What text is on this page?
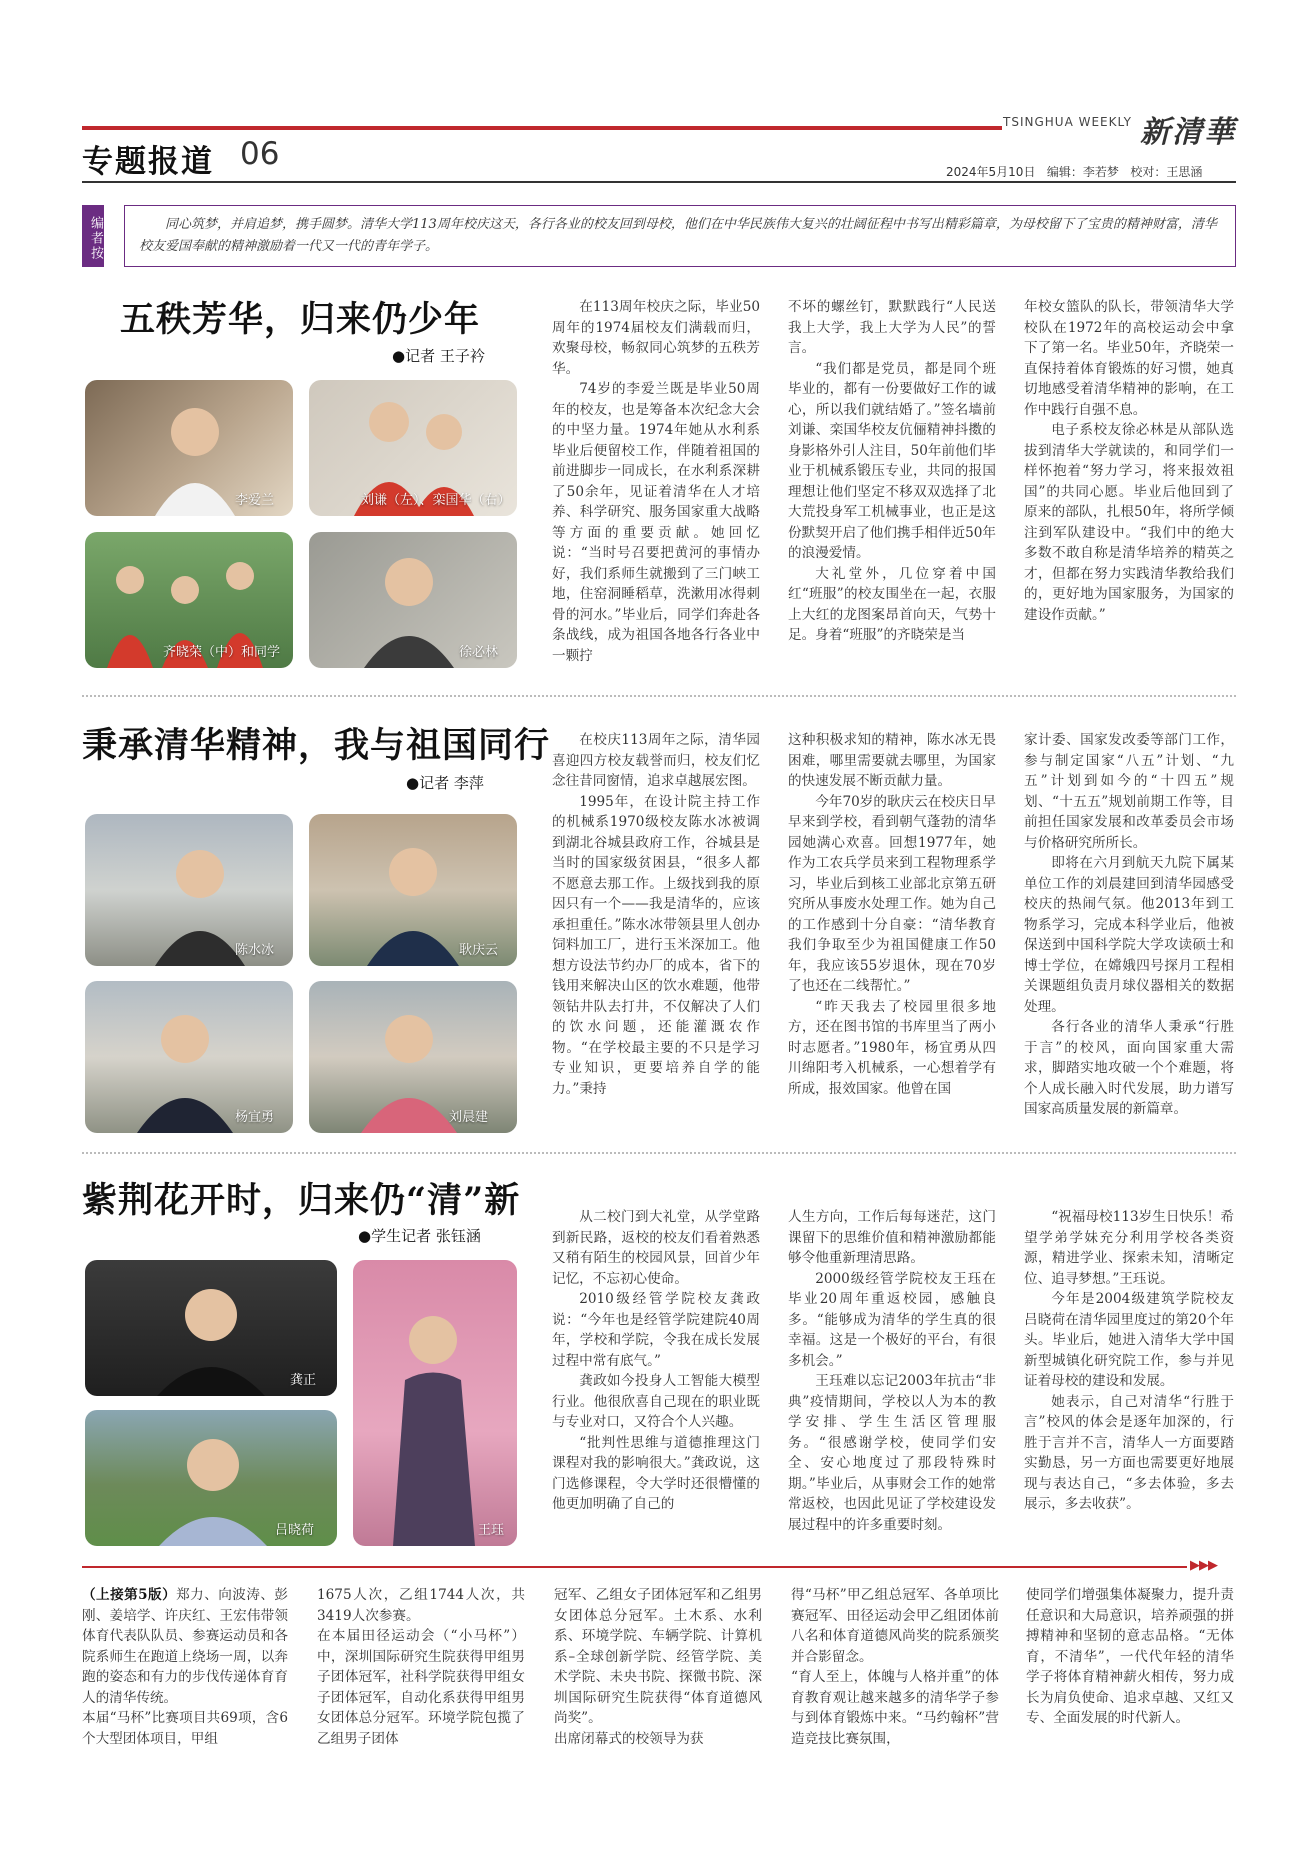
TSINGHUA WEEKLY 新清華
专题报道 06	2024年5月10日 编辑：李若梦 校对：王思涵
编者按	同心筑梦，并肩追梦，携手圆梦。清华大学113周年校庆这天，各行各业的校友回到母校，他们在中华民族伟大复兴的壮阔征程中书写出精彩篇章，为母校留下了宝贵的精神财富，清华校友爱国奉献的精神激励着一代又一代的青年学子。
五秩芳华，归来仍少年
●记者 王子衿
李爱兰	刘谦（左）、栾国华（右）
齐晓荣（中）和同学	徐必林

在113周年校庆之际，毕业50周年的1974届校友们满载而归，欢聚母校，畅叙同心筑梦的五秩芳华。

74岁的李爱兰既是毕业50周年的校友，也是筹备本次纪念大会的中坚力量。1974年她从水利系毕业后便留校工作，伴随着祖国的前进脚步一同成长，在水利系深耕了50余年，见证着清华在人才培养、科学研究、服务国家重大战略等方面的重要贡献。她回忆说：“当时号召要把黄河的事情办好，我们系师生就搬到了三门峡工地，住窑洞睡稻草，洗漱用冰得刺骨的河水。”毕业后，同学们奔赴各条战线，成为祖国各地各行各业中一颗拧

不坏的螺丝钉，默默践行“人民送我上大学，我上大学为人民”的誓言。

“我们都是党员，都是同个班毕业的，都有一份要做好工作的诚心，所以我们就结婚了。”签名墙前刘谦、栾国华校友伉俪精神抖擞的身影格外引人注目，50年前他们毕业于机械系锻压专业，共同的报国理想让他们坚定不移双双选择了北大荒投身军工机械事业，也正是这份默契开启了他们携手相伴近50年的浪漫爱情。

大礼堂外，几位穿着中国红“班服”的校友围坐在一起，衣服上大红的龙图案昂首向天，气势十足。身着“班服”的齐晓荣是当

年校女篮队的队长，带领清华大学校队在1972年的高校运动会中拿下了第一名。毕业50年，齐晓荣一直保持着体育锻炼的好习惯，她真切地感受着清华精神的影响，在工作中践行自强不息。

电子系校友徐必林是从部队选拔到清华大学就读的，和同学们一样怀抱着“努力学习，将来报效祖国”的共同心愿。毕业后他回到了原来的部队，扎根50年，将所学倾注到军队建设中。“我们中的绝大多数不敢自称是清华培养的精英之才，但都在努力实践清华教给我们的，更好地为国家服务，为国家的建设作贡献。”

秉承清华精神，我与祖国同行
●记者 李萍
陈水冰	耿庆云
杨宜勇	刘晨建

在校庆113周年之际，清华园喜迎四方校友载誉而归，校友们忆念往昔同窗情，追求卓越展宏图。

1995年，在设计院主持工作的机械系1970级校友陈水冰被调到湖北谷城县政府工作，谷城县是当时的国家级贫困县，“很多人都不愿意去那工作。上级找到我的原因只有一个——我是清华的，应该承担重任。”陈水冰带领县里人创办饲料加工厂，进行玉米深加工。他想方设法节约办厂的成本，省下的钱用来解决山区的饮水难题，他带领钻井队去打井，不仅解决了人们的饮水问题，还能灌溉农作物。“在学校最主要的不只是学习专业知识，更要培养自学的能力。”秉持

这种积极求知的精神，陈水冰无畏困难，哪里需要就去哪里，为国家的快速发展不断贡献力量。

今年70岁的耿庆云在校庆日早早来到学校，看到朝气蓬勃的清华园她满心欢喜。回想1977年，她作为工农兵学员来到工程物理系学习，毕业后到核工业部北京第五研究所从事废水处理工作。她为自己的工作感到十分自豪：“清华教育我们争取至少为祖国健康工作50年，我应该55岁退休，现在70岁了也还在二线帮忙。”

“昨天我去了校园里很多地方，还在图书馆的书库里当了两小时志愿者。”1980年，杨宜勇从四川绵阳考入机械系，一心想着学有所成，报效国家。他曾在国

家计委、国家发改委等部门工作，参与制定国家“八五”计划、“九五”计划到如今的“十四五”规划、“十五五”规划前期工作等，目前担任国家发展和改革委员会市场与价格研究所所长。

即将在六月到航天九院下属某单位工作的刘晨建回到清华园感受校庆的热闹气氛。他2013年到工物系学习，完成本科学业后，他被保送到中国科学院大学攻读硕士和博士学位，在嫦娥四号探月工程相关课题组负责月球仪器相关的数据处理。

各行各业的清华人秉承“行胜于言”的校风，面向国家重大需求，脚踏实地攻破一个个难题，将个人成长融入时代发展，助力谱写国家高质量发展的新篇章。

紫荆花开时，归来仍“清”新
●学生记者 张钰涵
龚正
吕晓荷	王珏

从二校门到大礼堂，从学堂路到新民路，返校的校友们看着熟悉又稍有陌生的校园风景，回首少年记忆，不忘初心使命。

2010级经管学院校友龚政说：“今年也是经管学院建院40周年，学校和学院，令我在成长发展过程中常有底气。”

龚政如今投身人工智能大模型行业。他很欣喜自己现在的职业既与专业对口，又符合个人兴趣。

“批判性思维与道德推理这门课程对我的影响很大。”龚政说，这门选修课程，令大学时还很懵懂的他更加明确了自己的

人生方向，工作后每每迷茫，这门课留下的思维价值和精神激励都能够令他重新理清思路。

2000级经管学院校友王珏在毕业20周年重返校园，感触良多。“能够成为清华的学生真的很幸福。这是一个极好的平台，有很多机会。”

王珏难以忘记2003年抗击“非典”疫情期间，学校以人为本的教学安排、学生生活区管理服务。“很感谢学校，使同学们安全、安心地度过了那段特殊时期。”毕业后，从事财会工作的她常常返校，也因此见证了学校建设发展过程中的许多重要时刻。

“祝福母校113岁生日快乐！希望学弟学妹充分利用学校各类资源，精进学业、探索未知，清晰定位、追寻梦想。”王珏说。

今年是2004级建筑学院校友吕晓荷在清华园里度过的第20个年头。毕业后，她进入清华大学中国新型城镇化研究院工作，参与并见证着母校的建设和发展。

她表示，自己对清华“行胜于言”校风的体会是逐年加深的，行胜于言并不言，清华人一方面要踏实勤恳，另一方面也需要更好地展现与表达自己，“多去体验，多去展示，多去收获”。

▶▶▶
（上接第5版）郑力、向波涛、彭刚、姜培学、许庆红、王宏伟带领体育代表队队员、参赛运动员和各院系师生在跑道上绕场一周，以奔跑的姿态和有力的步伐传递体育育人的清华传统。
本届“马杯”比赛项目共69项，含6个大型团体项目，甲组
1675人次，乙组1744人次，共3419人次参赛。
在本届田径运动会（“小马杯”）中，深圳国际研究生院获得甲组男子团体冠军，社科学院获得甲组女子团体冠军，自动化系获得甲组男女团体总分冠军。环境学院包揽了乙组男子团体
冠军、乙组女子团体冠军和乙组男女团体总分冠军。土木系、水利系、环境学院、车辆学院、计算机系–全球创新学院、经管学院、美术学院、未央书院、探微书院、深圳国际研究生院获得“体育道德风尚奖”。
出席闭幕式的校领导为获
得“马杯”甲乙组总冠军、各单项比赛冠军、田径运动会甲乙组团体前八名和体育道德风尚奖的院系颁奖并合影留念。
“育人至上，体魄与人格并重”的体育教育观让越来越多的清华学子参与到体育锻炼中来。“马约翰杯”营造竞技比赛氛围，
使同学们增强集体凝聚力，提升责任意识和大局意识，培养顽强的拼搏精神和坚韧的意志品格。“无体育，不清华”，一代代年轻的清华学子将体育精神薪火相传，努力成长为肩负使命、追求卓越、又红又专、全面发展的时代新人。
